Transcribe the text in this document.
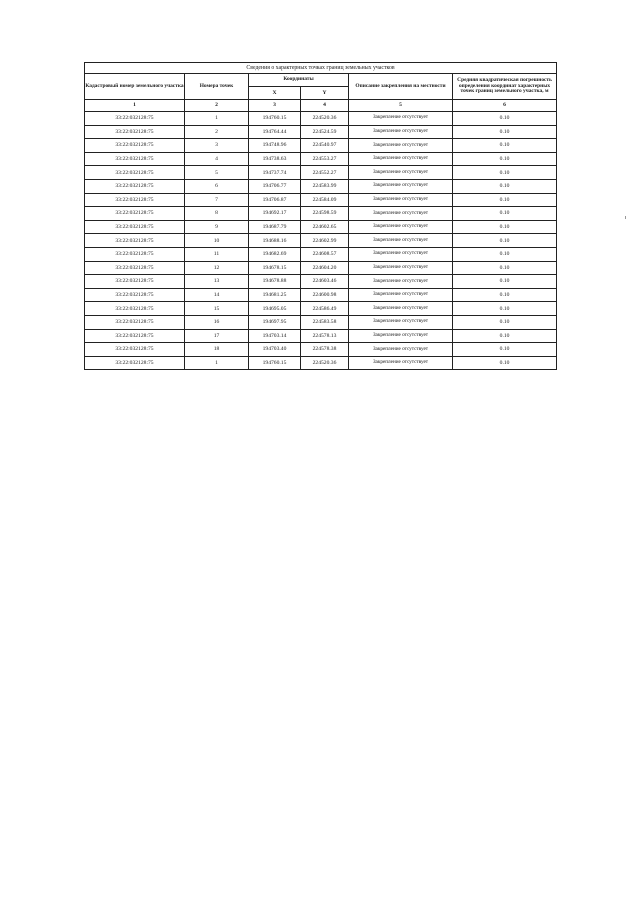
Сведения о характерных точках границ земельных участков					
Кадастровый номер земельного участка	Номера точек	Координаты		Описание закрепления на местности	Средняя квадратическая погрешность определения координат характерных точек границ земельного участка, м
		X	Y		
1	2	3	4	5	6
33:22:032128:75	1	194760.15	224520.36	Закрепление отсутствует	0.10
33:22:032128:75	2	194764.44	224524.59	Закрепление отсутствует	0.10
33:22:032128:75	3	194748.96	224540.97	Закрепление отсутствует	0.10
33:22:032128:75	4	194738.63	224553.27	Закрепление отсутствует	0.10
33:22:032128:75	5	194737.74	224552.27	Закрепление отсутствует	0.10
33:22:032128:75	6	194706.77	224583.99	Закрепление отсутствует	0.10
33:22:032128:75	7	194706.87	224584.09	Закрепление отсутствует	0.10
33:22:032128:75	8	194692.17	224598.59	Закрепление отсутствует	0.10
33:22:032128:75	9	194687.79	224602.65	Закрепление отсутствует	0.10
33:22:032128:75	10	194688.16	224602.99	Закрепление отсутствует	0.10
33:22:032128:75	11	194682.69	224608.57	Закрепление отсутствует	0.10
33:22:032128:75	12	194678.15	224604.20	Закрепление отсутствует	0.10
33:22:032128:75	13	194678.88	224603.46	Закрепление отсутствует	0.10
33:22:032128:75	14	194681.25	224600.98	Закрепление отсутствует	0.10
33:22:032128:75	15	194695.05	224586.49	Закрепление отсутствует	0.10
33:22:032128:75	16	194697.95	224583.58	Закрепление отсутствует	0.10
33:22:032128:75	17	194703.14	224578.13	Закрепление отсутствует	0.10
33:22:032128:75	18	194703.40	224578.38	Закрепление отсутствует	0.10
33:22:032128:75	1	194760.15	224520.36	Закрепление отсутствует	0.10
